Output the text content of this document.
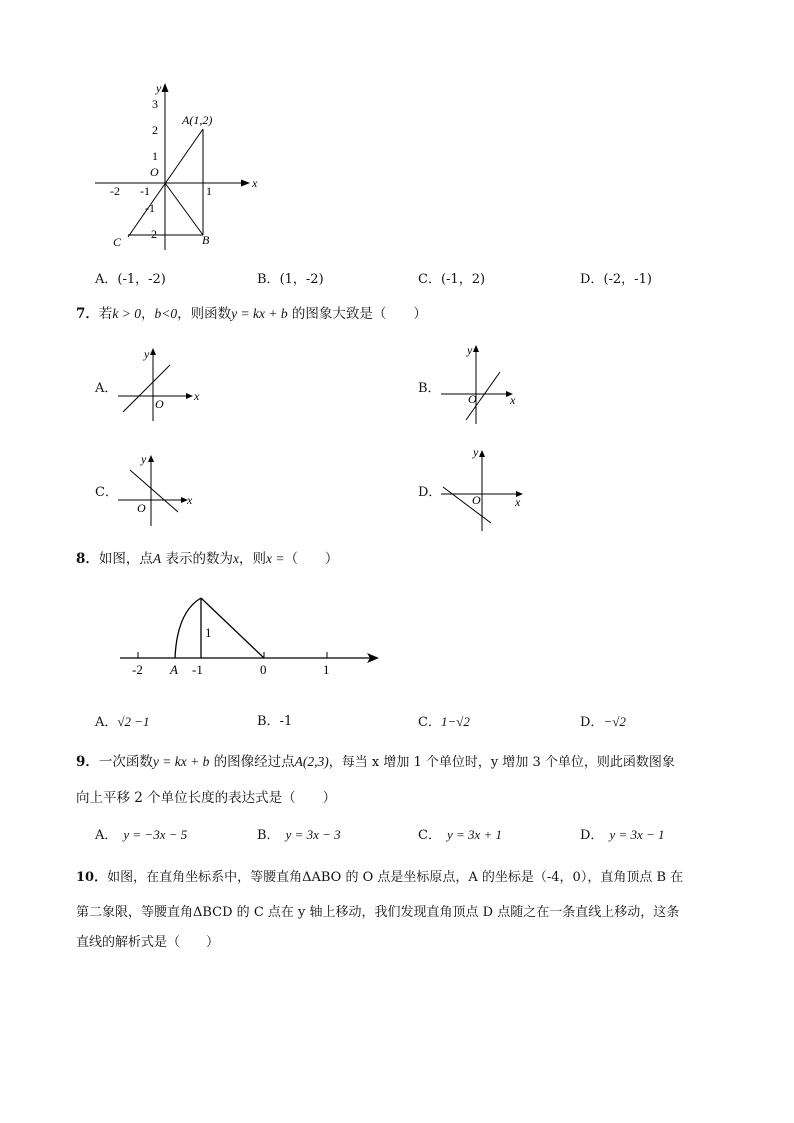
y
x
O
3
2
1
-1
-2
-2 -1	1
A(1,2)
B
C
A．(-1，-2)	B．(1，-2)	C．(-1，2)	D．(-2，-1)
7．若k > 0，b<0，则函数y = kx + b 的图象大致是（　　）
A．
y
x
O
B．
y
x
O
C．
y
x
O
D．
y
x
O
8．如图，点A 表示的数为x，则x =（　　）
-2	-1	0	1
A
1
A．√2 −1	B．-1	C．1−√2	D．−√2
9．一次函数y = kx + b 的图像经过点A(2,3)，每当 x 增加 1 个单位时，y 增加 3 个单位，则此函数图象
向上平移 2 个单位长度的表达式是（　　）
A． y = −3x − 5	B． y = 3x − 3	C． y = 3x + 1	D． y = 3x − 1
10．如图，在直角坐标系中，等腰直角ΔABO 的 O 点是坐标原点，A 的坐标是（-4，0），直角顶点 B 在
第二象限，等腰直角ΔBCD 的 C 点在 y 轴上移动，我们发现直角顶点 D 点随之在一条直线上移动，这条
直线的解析式是（　　）
